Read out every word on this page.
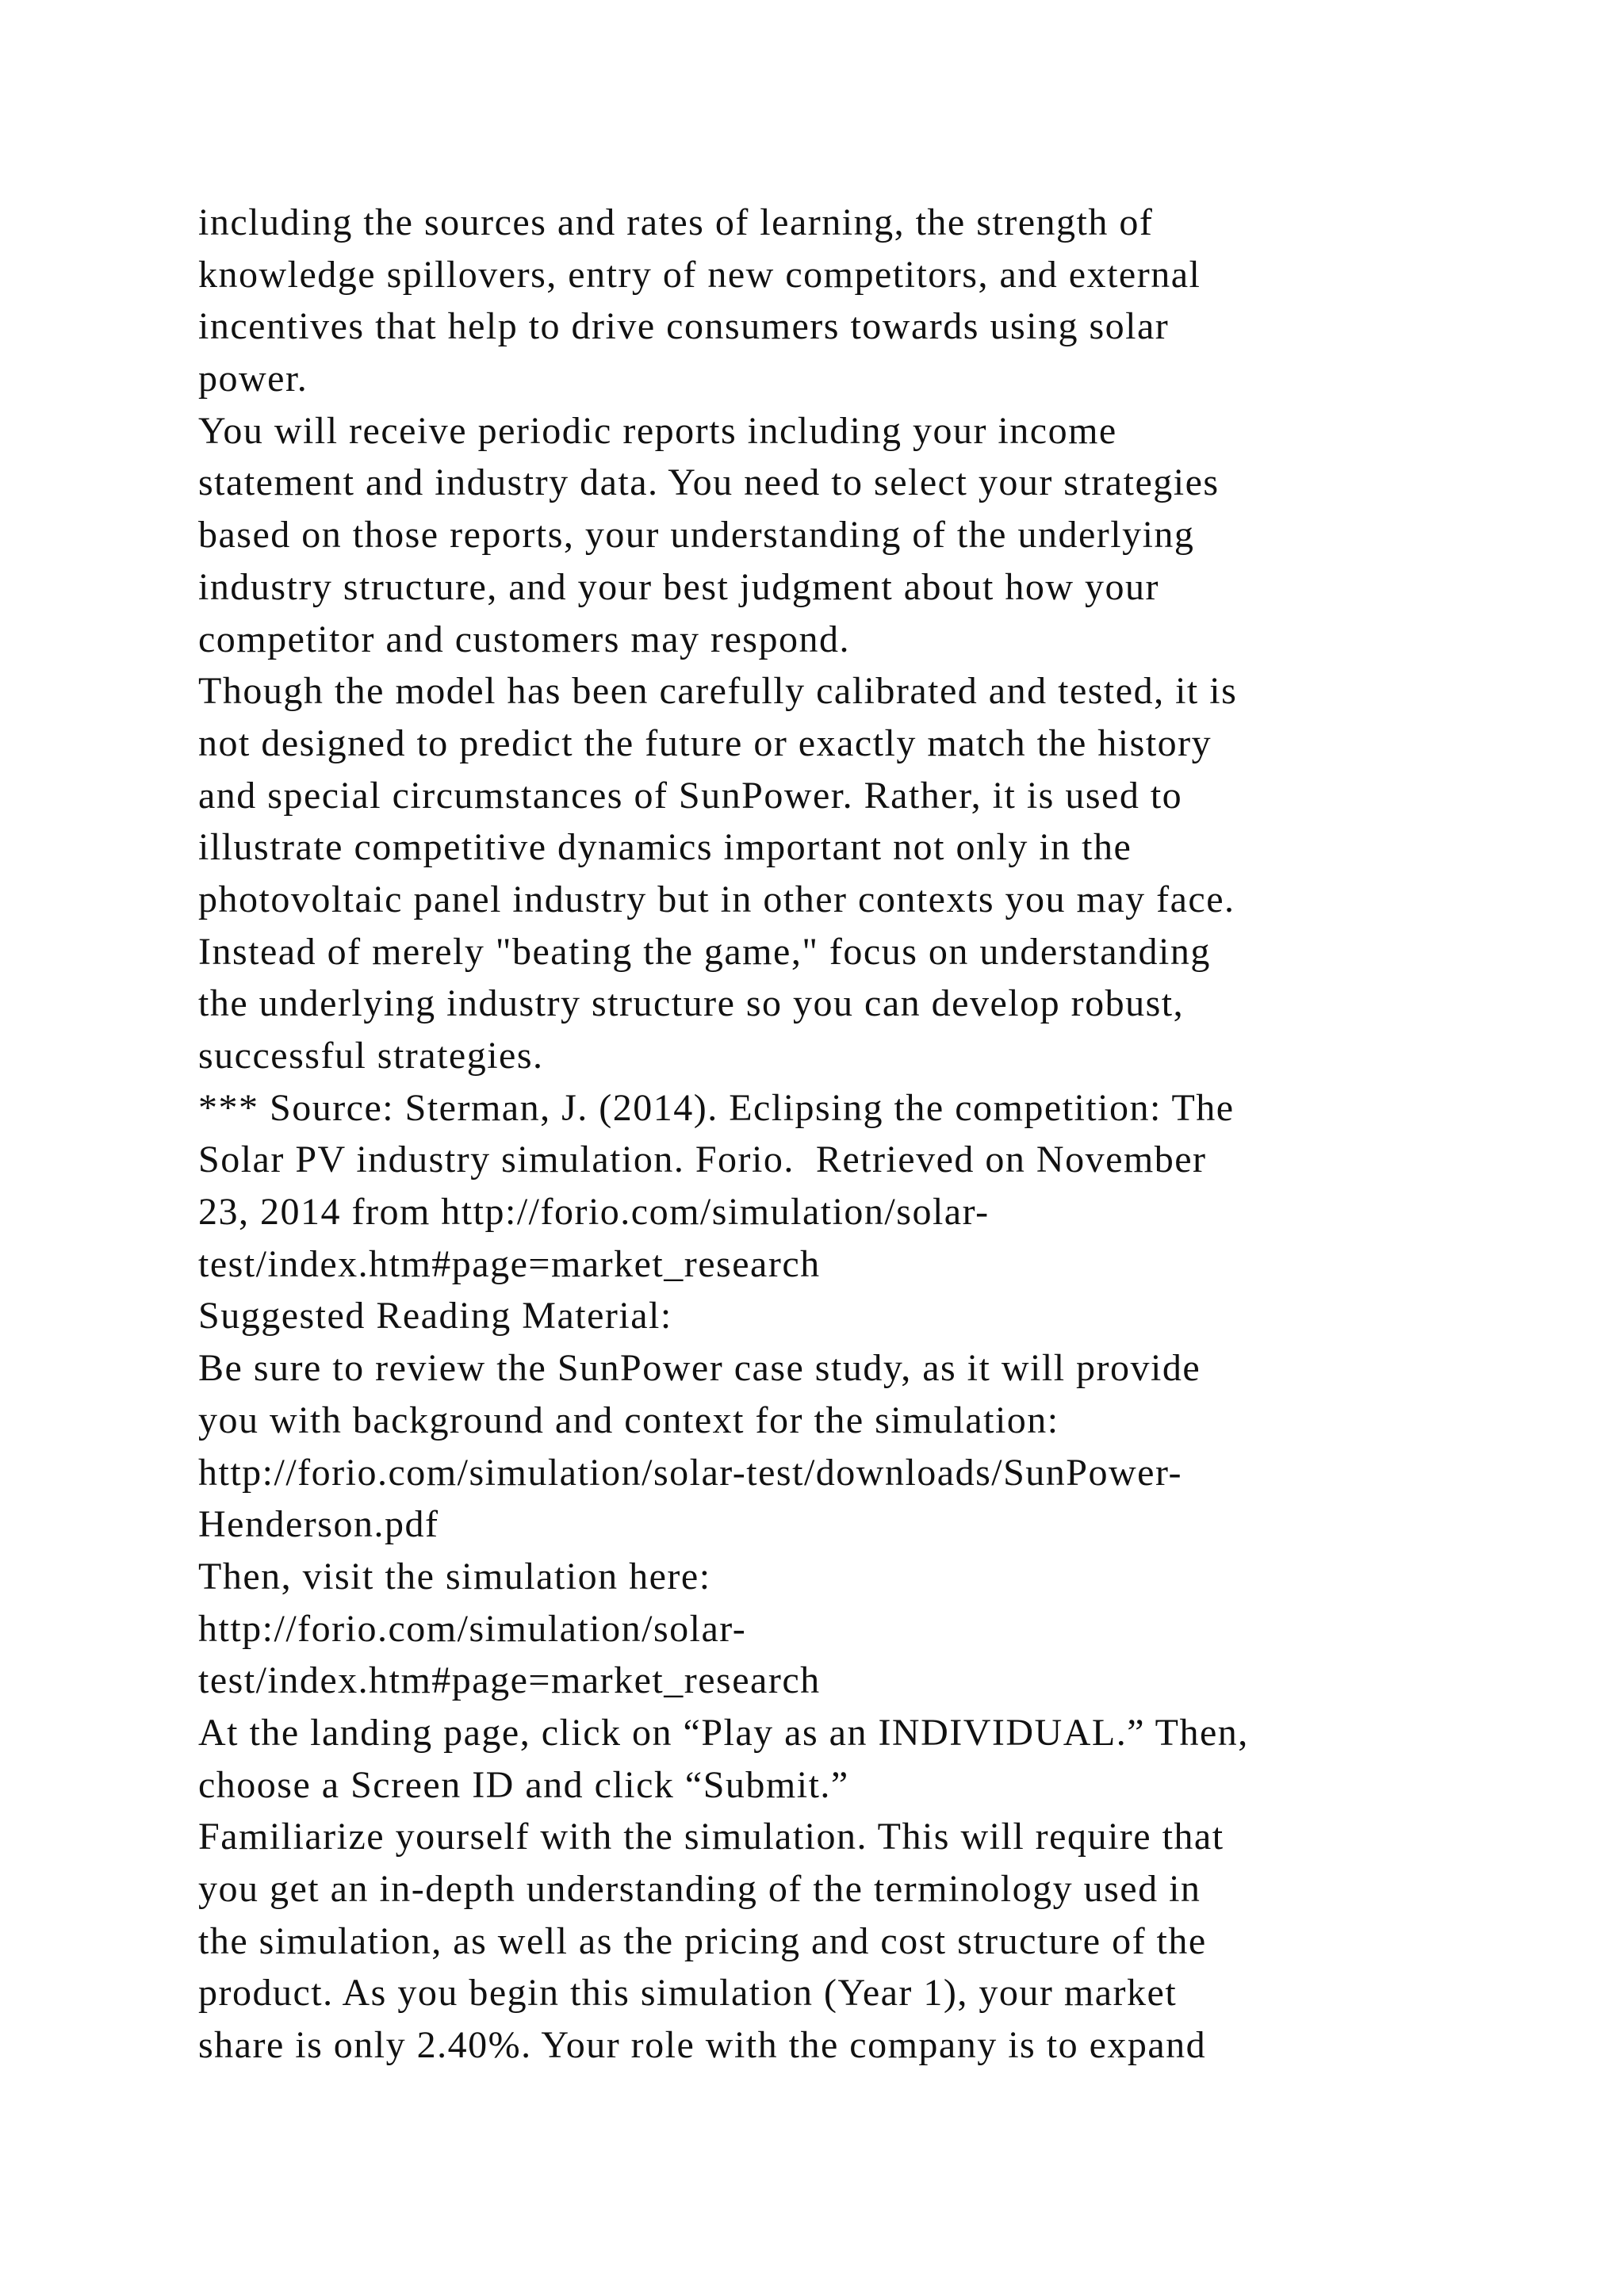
including the sources and rates of learning, the strength of
knowledge spillovers, entry of new competitors, and external
incentives that help to drive consumers towards using solar
power.
You will receive periodic reports including your income
statement and industry data. You need to select your strategies
based on those reports, your understanding of the underlying
industry structure, and your best judgment about how your
competitor and customers may respond.
Though the model has been carefully calibrated and tested, it is
not designed to predict the future or exactly match the history
and special circumstances of SunPower. Rather, it is used to
illustrate competitive dynamics important not only in the
photovoltaic panel industry but in other contexts you may face.
Instead of merely "beating the game," focus on understanding
the underlying industry structure so you can develop robust,
successful strategies.
*** Source: Sterman, J. (2014). Eclipsing the competition: The
Solar PV industry simulation. Forio.  Retrieved on November
23, 2014 from http://forio.com/simulation/solar-
test/index.htm#page=market_research
Suggested Reading Material:
Be sure to review the SunPower case study, as it will provide
you with background and context for the simulation:
http://forio.com/simulation/solar-test/downloads/SunPower-
Henderson.pdf
Then, visit the simulation here:
http://forio.com/simulation/solar-
test/index.htm#page=market_research
At the landing page, click on “Play as an INDIVIDUAL.” Then,
choose a Screen ID and click “Submit.”
Familiarize yourself with the simulation. This will require that
you get an in-depth understanding of the terminology used in
the simulation, as well as the pricing and cost structure of the
product. As you begin this simulation (Year 1), your market
share is only 2.40%. Your role with the company is to expand
